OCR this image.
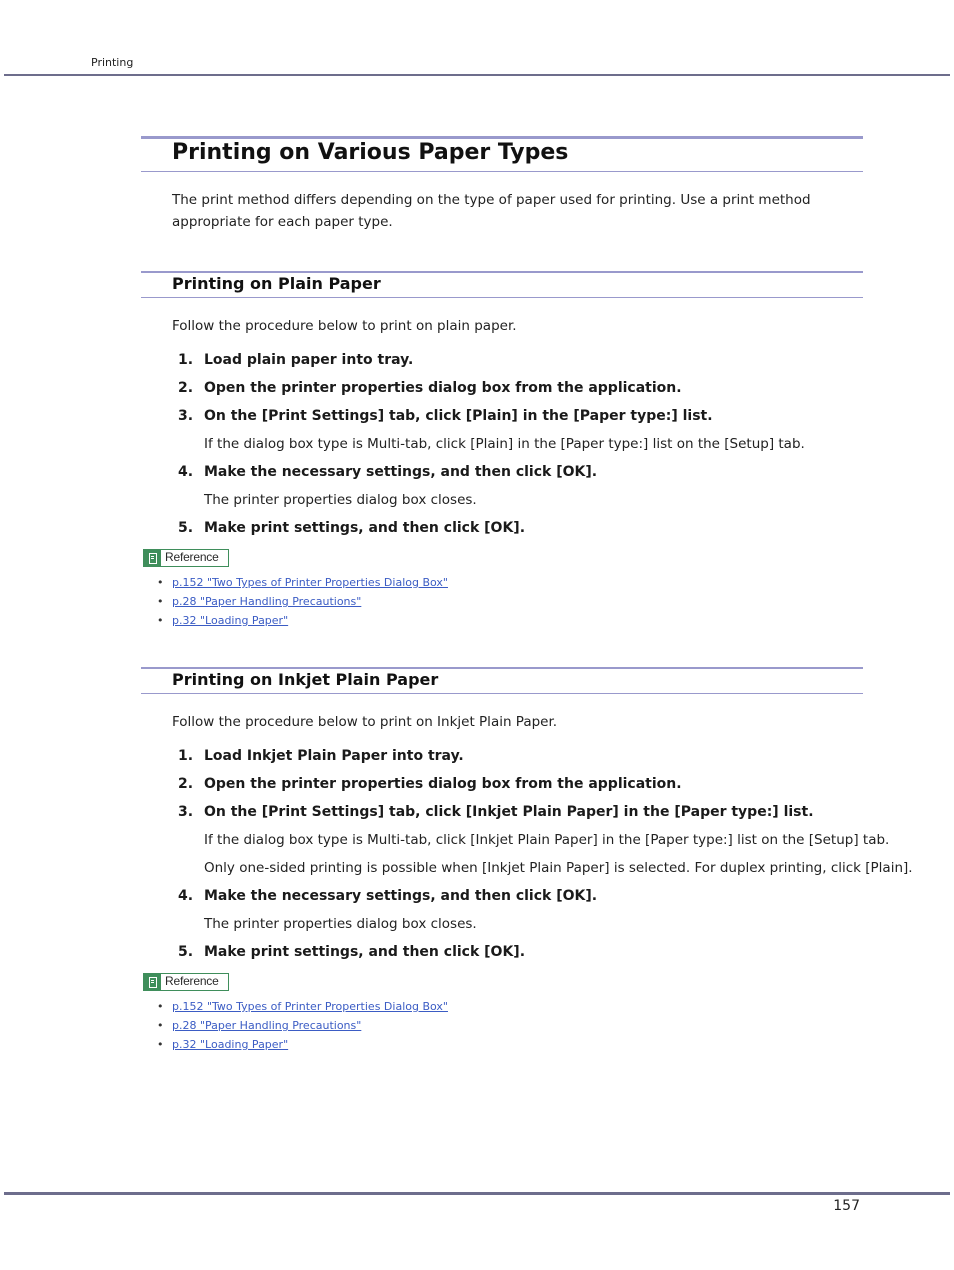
Printing
Printing on Various Paper Types
The print method differs depending on the type of paper used for printing. Use a print method appropriate for each paper type.
Printing on Plain Paper
Follow the procedure below to print on plain paper.
1. Load plain paper into tray.
2. Open the printer properties dialog box from the application.
3. On the [Print Settings] tab, click [Plain] in the [Paper type:] list.
If the dialog box type is Multi-tab, click [Plain] in the [Paper type:] list on the [Setup] tab.
4. Make the necessary settings, and then click [OK].
The printer properties dialog box closes.
5. Make print settings, and then click [OK].
Reference
• p.152 "Two Types of Printer Properties Dialog Box"
• p.28 "Paper Handling Precautions"
• p.32 "Loading Paper"
Printing on Inkjet Plain Paper
Follow the procedure below to print on Inkjet Plain Paper.
1. Load Inkjet Plain Paper into tray.
2. Open the printer properties dialog box from the application.
3. On the [Print Settings] tab, click [Inkjet Plain Paper] in the [Paper type:] list.
If the dialog box type is Multi-tab, click [Inkjet Plain Paper] in the [Paper type:] list on the [Setup] tab.
Only one-sided printing is possible when [Inkjet Plain Paper] is selected. For duplex printing, click [Plain].
4. Make the necessary settings, and then click [OK].
The printer properties dialog box closes.
5. Make print settings, and then click [OK].
Reference
• p.152 "Two Types of Printer Properties Dialog Box"
• p.28 "Paper Handling Precautions"
• p.32 "Loading Paper"
157
